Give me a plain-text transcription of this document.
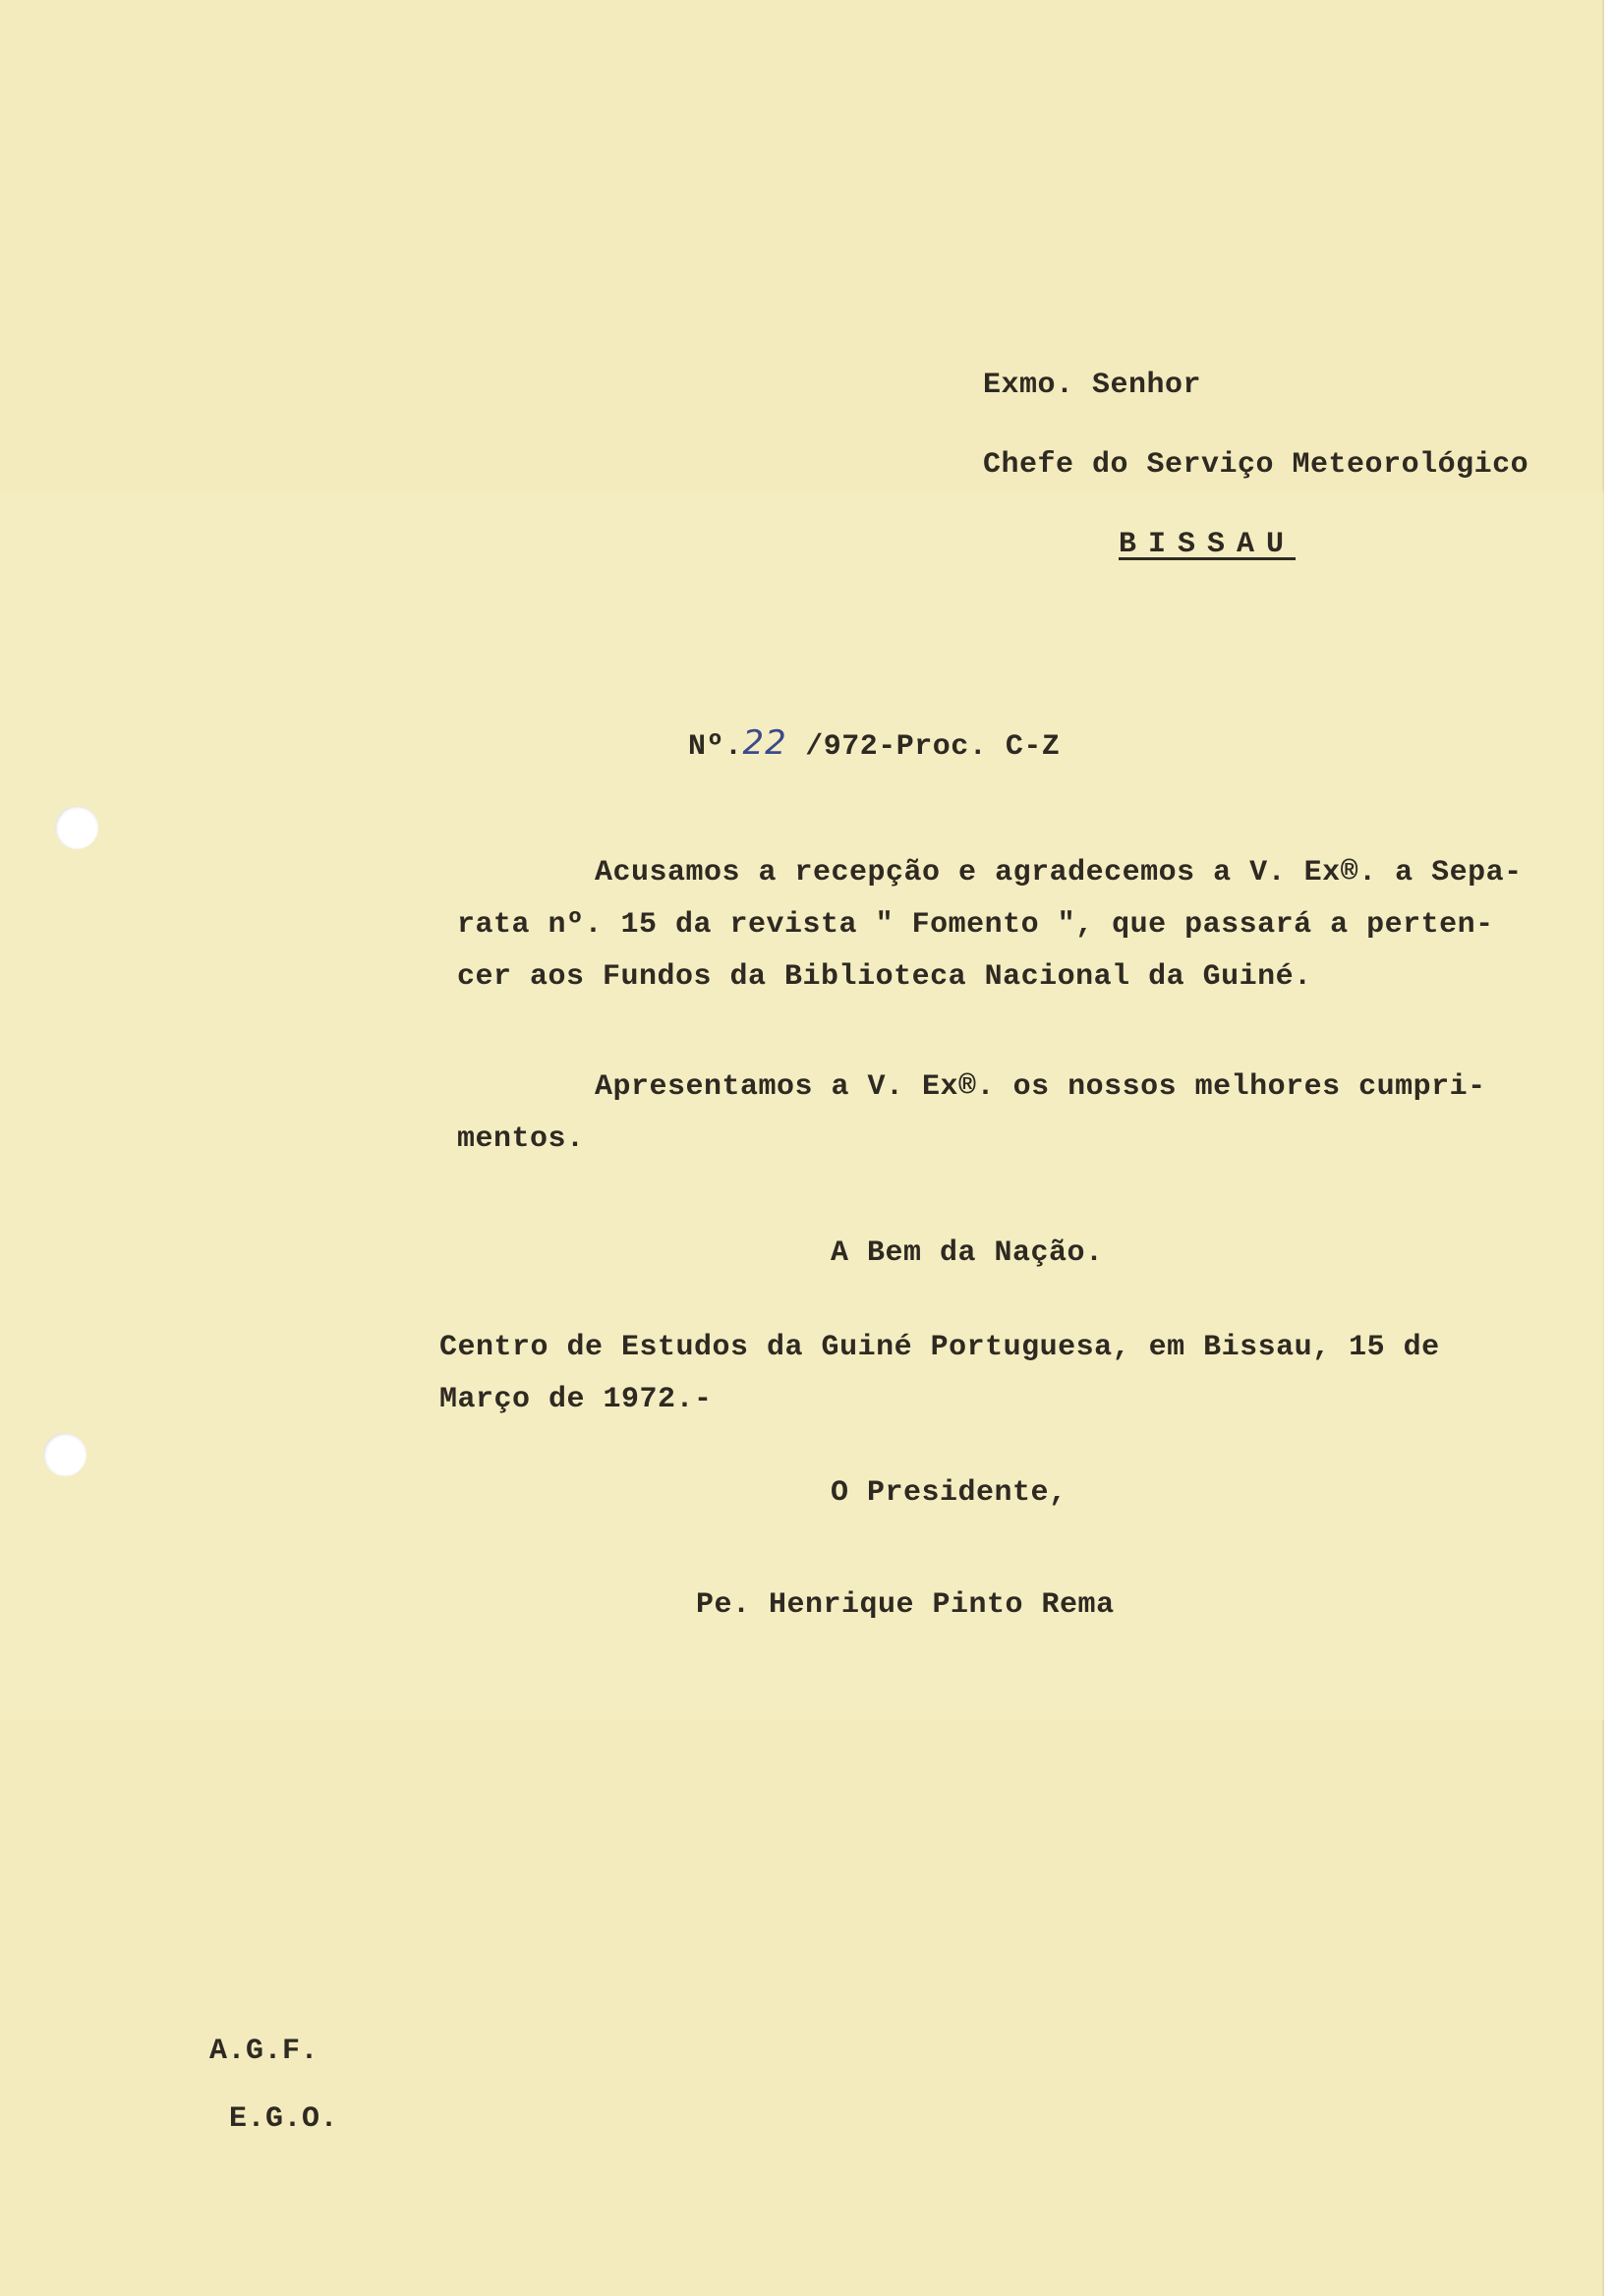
Exmo. Senhor
Chefe do Serviço Meteorológico
BISSAU
Nº.22 /972-Proc. C-Z
Acusamos a recepção e agradecemos a V. Ex®. a Sepa-
rata nº. 15 da revista " Fomento ", que passará a perten-
cer aos Fundos da Biblioteca Nacional da Guiné.
Apresentamos a V. Ex®. os nossos melhores cumpri-
mentos.
A Bem da Nação.
Centro de Estudos da Guiné Portuguesa, em Bissau, 15 de
Março de 1972.-
O Presidente,
Pe. Henrique Pinto Rema
A.G.F.
E.G.O.
